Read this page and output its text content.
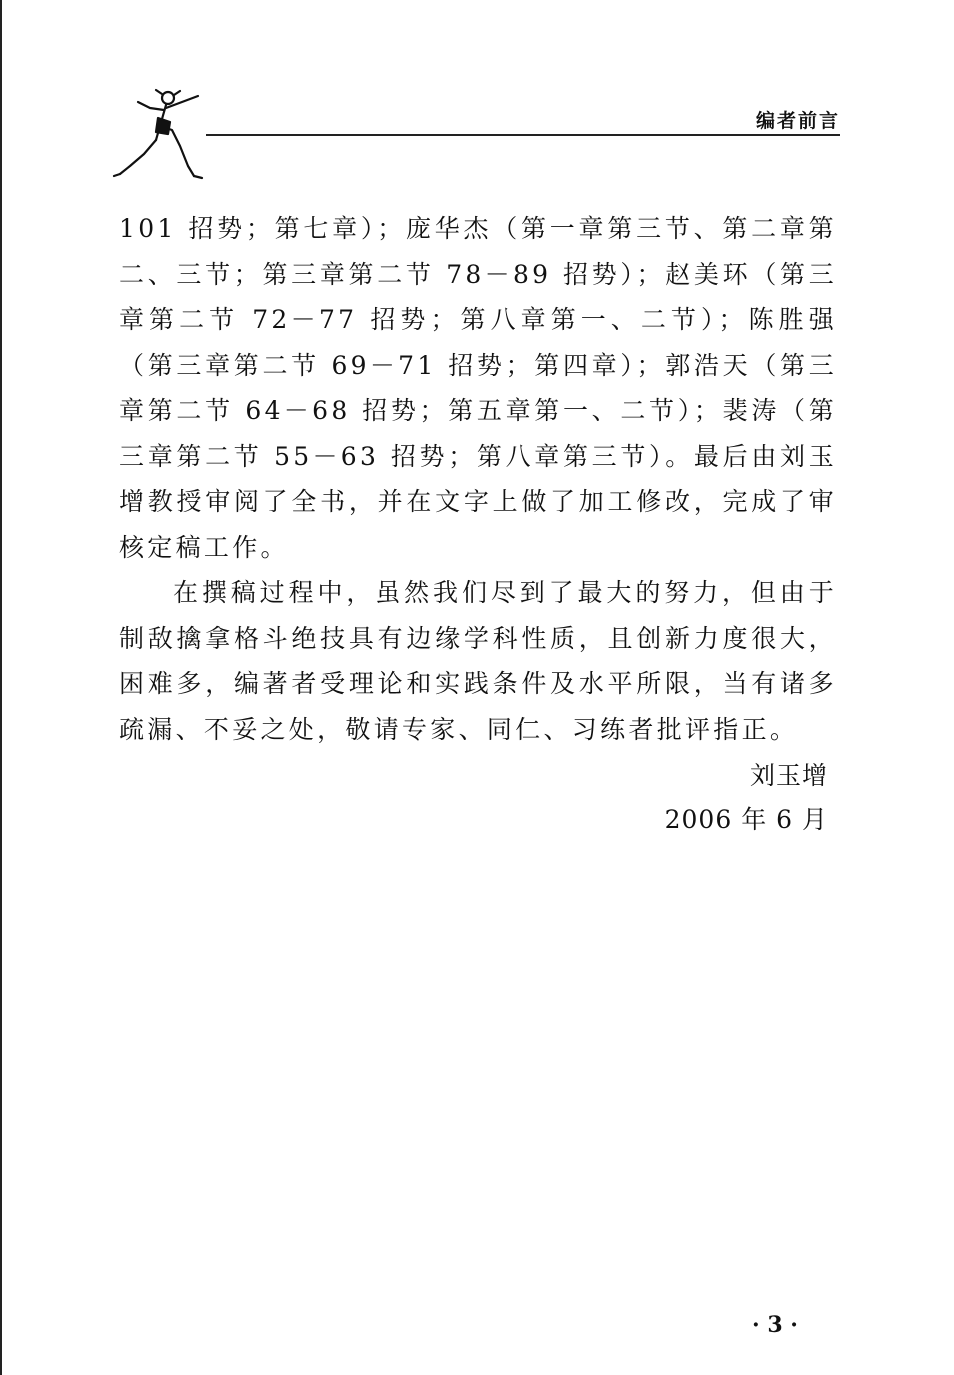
编者前言

101 招势；第七章）；庞华杰（第一章第三节、第二章第二、三节；第三章第二节 78－89 招势）；赵美环（第三章第二节 72－77 招势；第八章第一、二节）；陈胜强（第三章第二节 69－71 招势；第四章）；郭浩天（第三章第二节 64－68 招势；第五章第一、二节）；裴涛（第三章第二节 55－63 招势；第八章第三节）。最后由刘玉增教授审阅了全书，并在文字上做了加工修改，完成了审核定稿工作。

在撰稿过程中，虽然我们尽到了最大的努力，但由于制敌擒拿格斗绝技具有边缘学科性质，且创新力度很大，困难多，编著者受理论和实践条件及水平所限，当有诸多疏漏、不妥之处，敬请专家、同仁、习练者批评指正。

刘玉增
2006 年 6 月
· 3 ·
